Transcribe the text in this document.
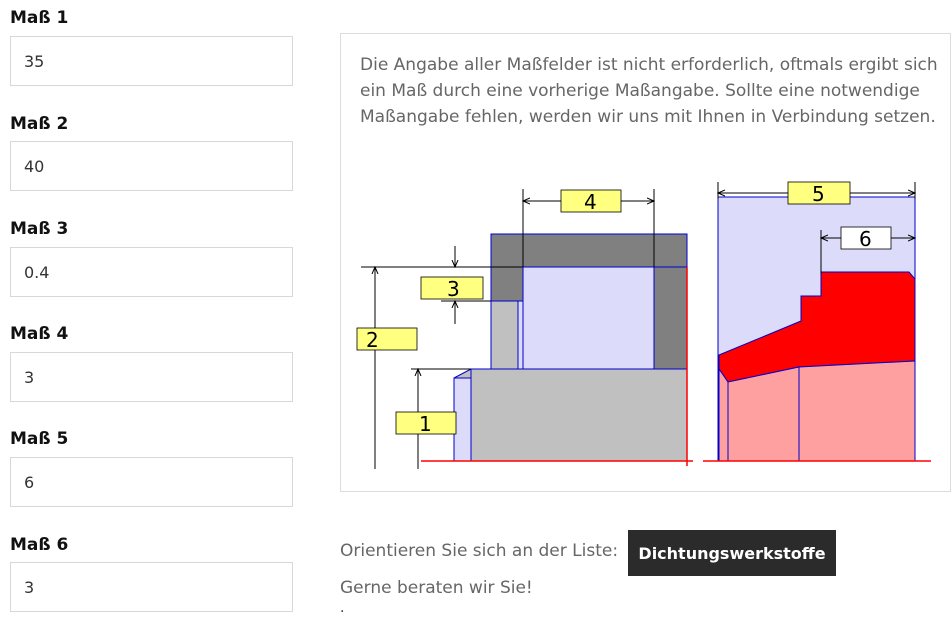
Maß 1
35
Maß 2
40
Maß 3
0.4
Maß 4
3
Maß 5
6
Maß 6
3
Die Angabe aller Maßfelder ist nicht erforderlich, oftmals ergibt sich ein Maß durch eine vorherige Maßangabe. Sollte eine notwendige Maßangabe fehlen, werden wir uns mit Ihnen in Verbindung setzen.
1
2
3
4	5
6
Orientieren Sie sich an der Liste:	Dichtungswerkstoffe
Gerne beraten wir Sie!
.
